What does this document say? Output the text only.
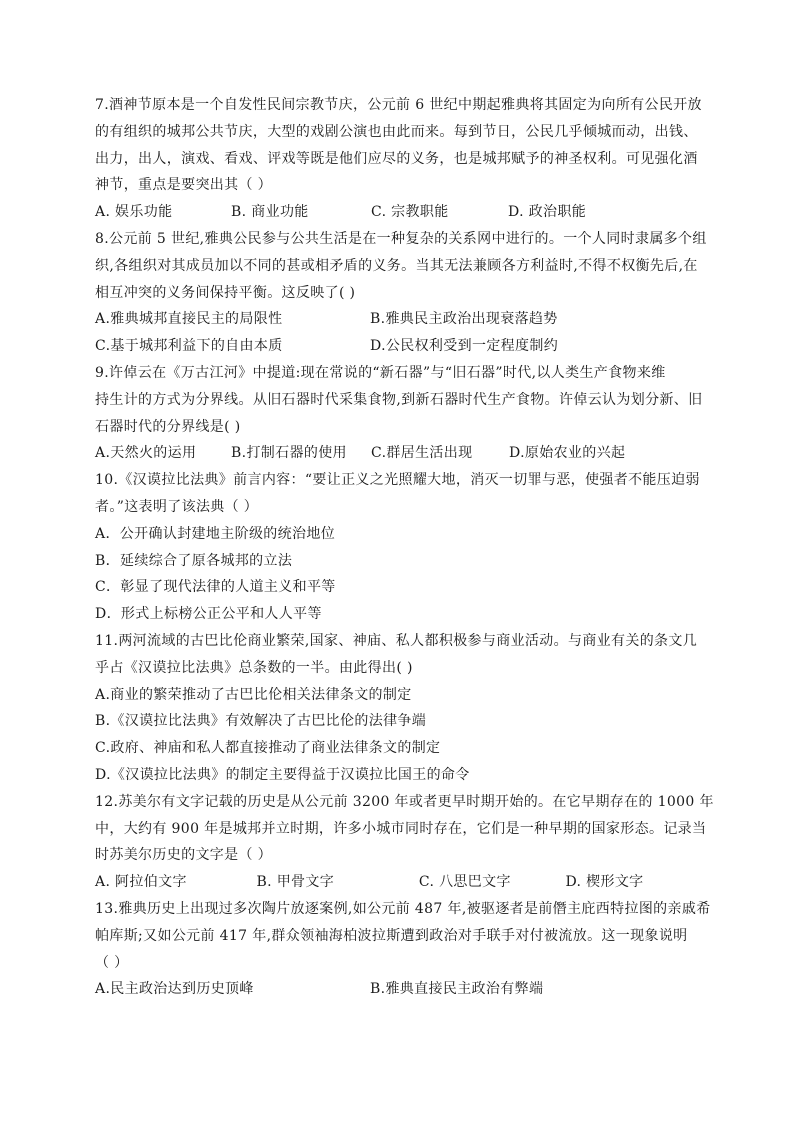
7.酒神节原本是一个自发性民间宗教节庆，公元前 6 世纪中期起雅典将其固定为向所有公民开放
的有组织的城邦公共节庆，大型的戏剧公演也由此而来。每到节日，公民几乎倾城而动，出钱、
出力，出人，演戏、看戏、评戏等既是他们应尽的义务，也是城邦赋予的神圣权利。可见强化酒
神节，重点是要突出其（ ）
A. 娱乐功能	B. 商业功能	C. 宗教职能	D. 政治职能
8.公元前 5 世纪,雅典公民参与公共生活是在一种复杂的关系网中进行的。一个人同时隶属多个组
织,各组织对其成员加以不同的甚或相矛盾的义务。当其无法兼顾各方利益时,不得不权衡先后,在
相互冲突的义务间保持平衡。这反映了( )
A.雅典城邦直接民主的局限性	B.雅典民主政治出现衰落趋势
C.基于城邦利益下的自由本质	D.公民权利受到一定程度制约
9.许倬云在《万古江河》中提道:现在常说的“新石器”与“旧石器”时代,以人类生产食物来维
持生计的方式为分界线。从旧石器时代采集食物,到新石器时代生产食物。许倬云认为划分新、旧
石器时代的分界线是( )
A.天然火的运用	B.打制石器的使用	C.群居生活出现	D.原始农业的兴起
10.《汉谟拉比法典》前言内容：“要让正义之光照耀大地，消灭一切罪与恶，使强者不能压迫弱
者。”这表明了该法典（ ）
A．公开确认封建地主阶级的统治地位
B．延续综合了原各城邦的立法
C．彰显了现代法律的人道主义和平等
D．形式上标榜公正公平和人人平等
11.两河流域的古巴比伦商业繁荣,国家、神庙、私人都积极参与商业活动。与商业有关的条文几
乎占《汉谟拉比法典》总条数的一半。由此得出( )
A.商业的繁荣推动了古巴比伦相关法律条文的制定
B.《汉谟拉比法典》有效解决了古巴比伦的法律争端
C.政府、神庙和私人都直接推动了商业法律条文的制定
D.《汉谟拉比法典》的制定主要得益于汉谟拉比国王的命令
12.苏美尔有文字记载的历史是从公元前 3200 年或者更早时期开始的。在它早期存在的 1000 年
中，大约有 900 年是城邦并立时期，许多小城市同时存在，它们是一种早期的国家形态。记录当
时苏美尔历史的文字是（ ）
A. 阿拉伯文字	B. 甲骨文字	C. 八思巴文字	D. 楔形文字
13.雅典历史上出现过多次陶片放逐案例,如公元前 487 年,被驱逐者是前僭主庇西特拉图的亲戚希
帕库斯;又如公元前 417 年,群众领袖海柏波拉斯遭到政治对手联手对付被流放。这一现象说明
（ ）
A.民主政治达到历史顶峰	B.雅典直接民主政治有弊端
